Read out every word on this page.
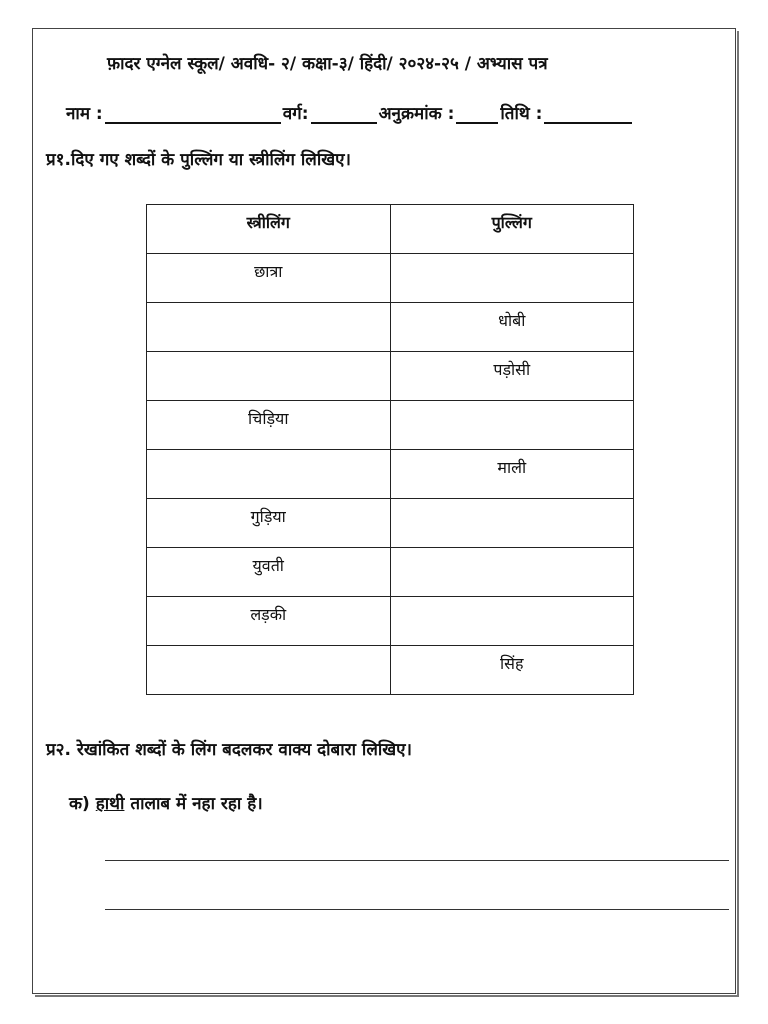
फ़ादर एग्नेल स्कूल/ अवधि- २/ कक्षा-३/ हिंदी/ २०२४-२५ / अभ्यास पत्र
नाम :	वर्ग:	अनुक्रमांक :	तिथि :
प्र१.दिए गए शब्दों के पुल्लिंग या स्त्रीलिंग लिखिए।
स्त्रीलिंग	पुल्लिंग
छात्रा	
	धोबी
	पड़ोसी
चिड़िया	
	माली
गुड़िया	
युवती	
लड़की	
	सिंह
प्र२. रेखांकित शब्दों के लिंग बदलकर वाक्य दोबारा लिखिए।
क) हाथी तालाब में नहा रहा है।
